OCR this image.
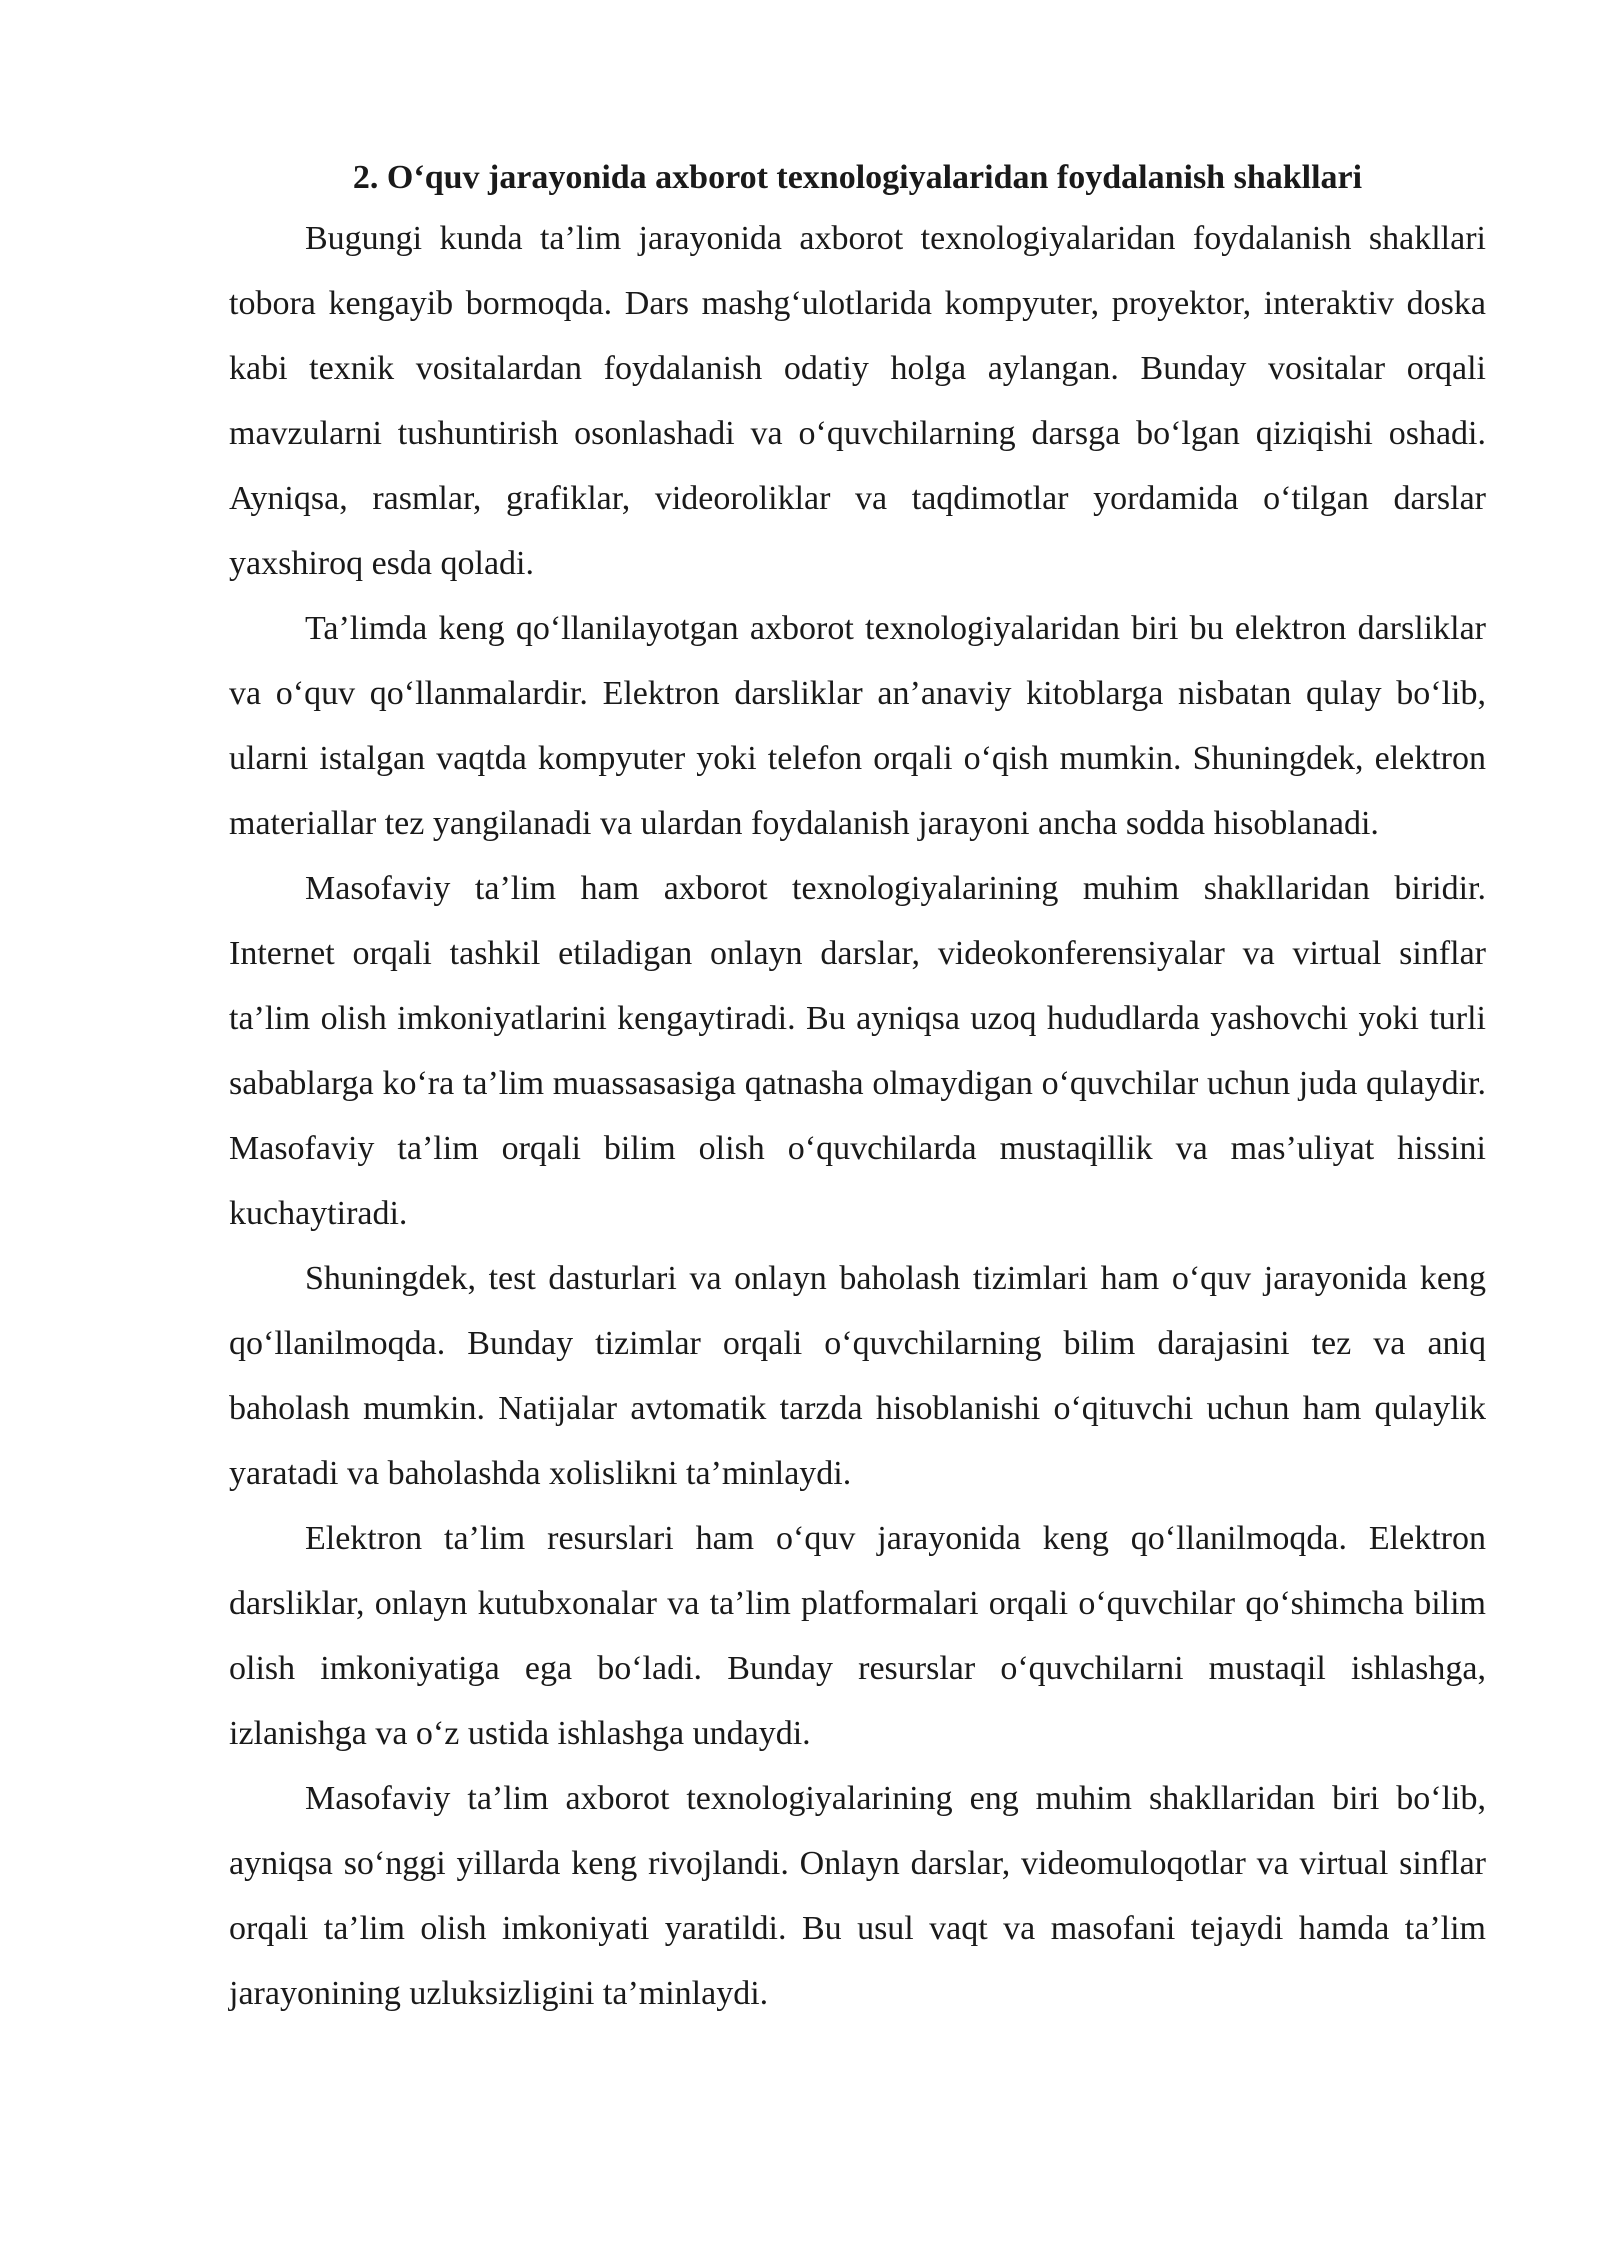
2. O‘quv jarayonida axborot texnologiyalaridan foydalanish shakllari

Bugungi kunda ta’lim jarayonida axborot texnologiyalaridan foydalanish shakllari tobora kengayib bormoqda. Dars mashg‘ulotlarida kompyuter, proyektor, interaktiv doska kabi texnik vositalardan foydalanish odatiy holga aylangan. Bunday vositalar orqali mavzularni tushuntirish osonlashadi va o‘quvchilarning darsga bo‘lgan qiziqishi oshadi. Ayniqsa, rasmlar, grafiklar, videoroliklar va taqdimotlar yordamida o‘tilgan darslar yaxshiroq esda qoladi.

Ta’limda keng qo‘llanilayotgan axborot texnologiyalaridan biri bu elektron darsliklar va o‘quv qo‘llanmalardir. Elektron darsliklar an’anaviy kitoblarga nisbatan qulay bo‘lib, ularni istalgan vaqtda kompyuter yoki telefon orqali o‘qish mumkin. Shuningdek, elektron materiallar tez yangilanadi va ulardan foydalanish jarayoni ancha sodda hisoblanadi.

Masofaviy ta’lim ham axborot texnologiyalarining muhim shakllaridan biridir. Internet orqali tashkil etiladigan onlayn darslar, videokonferensiyalar va virtual sinflar ta’lim olish imkoniyatlarini kengaytiradi. Bu ayniqsa uzoq hududlarda yashovchi yoki turli sabablarga ko‘ra ta’lim muassasasiga qatnasha olmaydigan o‘quvchilar uchun juda qulaydir. Masofaviy ta’lim orqali bilim olish o‘quvchilarda mustaqillik va mas’uliyat hissini kuchaytiradi.

Shuningdek, test dasturlari va onlayn baholash tizimlari ham o‘quv jarayonida keng qo‘llanilmoqda. Bunday tizimlar orqali o‘quvchilarning bilim darajasini tez va aniq baholash mumkin. Natijalar avtomatik tarzda hisoblanishi o‘qituvchi uchun ham qulaylik yaratadi va baholashda xolislikni ta’minlaydi.

Elektron ta’lim resurslari ham o‘quv jarayonida keng qo‘llanilmoqda. Elektron darsliklar, onlayn kutubxonalar va ta’lim platformalari orqali o‘quvchilar qo‘shimcha bilim olish imkoniyatiga ega bo‘ladi. Bunday resurslar o‘quvchilarni mustaqil ishlashga, izlanishga va o‘z ustida ishlashga undaydi.

Masofaviy ta’lim axborot texnologiyalarining eng muhim shakllaridan biri bo‘lib, ayniqsa so‘nggi yillarda keng rivojlandi. Onlayn darslar, videomuloqotlar va virtual sinflar orqali ta’lim olish imkoniyati yaratildi. Bu usul vaqt va masofani tejaydi hamda ta’lim jarayonining uzluksizligini ta’minlaydi.
